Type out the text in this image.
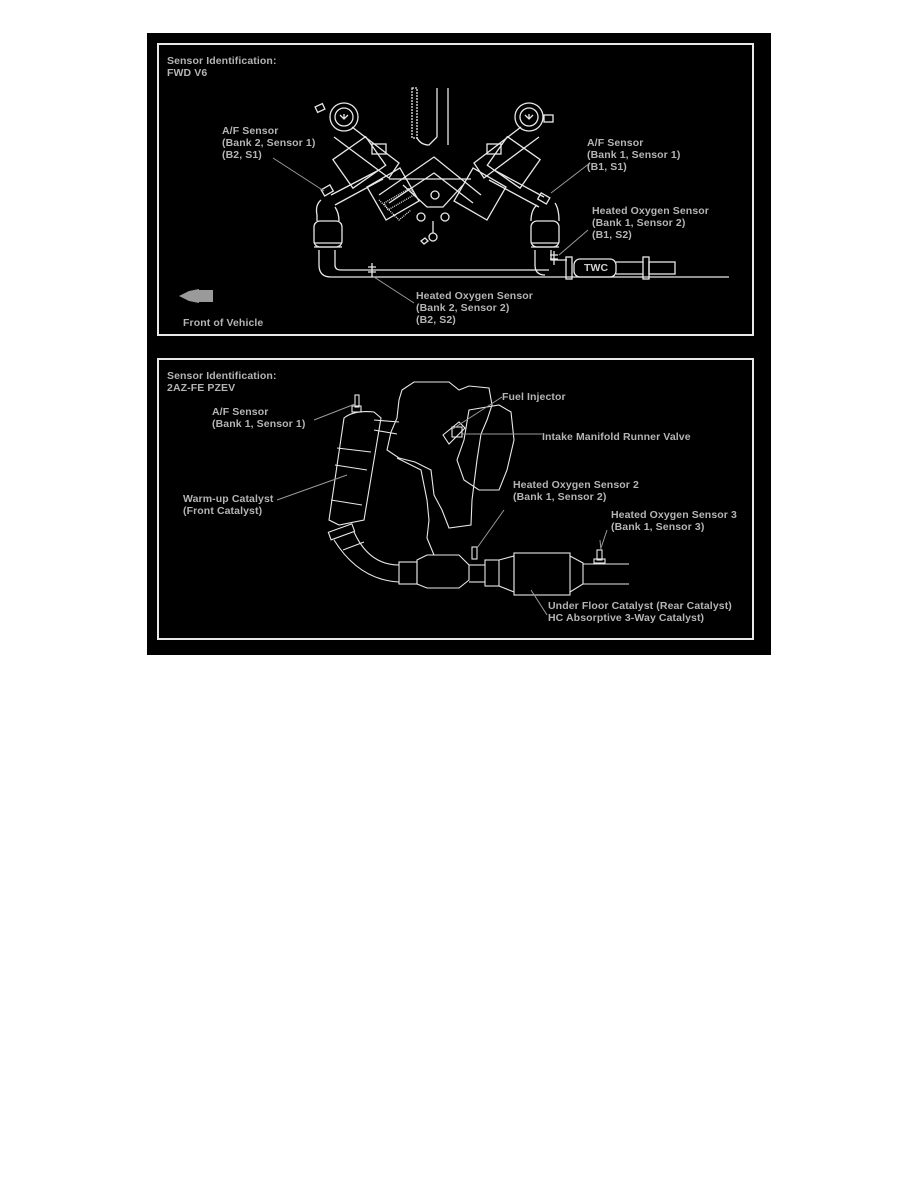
Sensor Identification:
FWD V6
A/F Sensor
(Bank 2, Sensor 1)
(B2, S1)
A/F Sensor
(Bank 1, Sensor 1)
(B1, S1)
Heated Oxygen Sensor
(Bank 1, Sensor 2)
(B1, S2)
Heated Oxygen Sensor
(Bank 2, Sensor 2)
(B2, S2)
TWC
Front of Vehicle
Sensor Identification:
2AZ-FE PZEV
A/F Sensor
(Bank 1, Sensor 1)
Warm-up Catalyst
(Front Catalyst)
Fuel Injector
Intake Manifold Runner Valve
Heated Oxygen Sensor 2
(Bank 1, Sensor 2)
Heated Oxygen Sensor 3
(Bank 1, Sensor 3)
Under Floor Catalyst (Rear Catalyst)
HC Absorptive 3-Way Catalyst)
